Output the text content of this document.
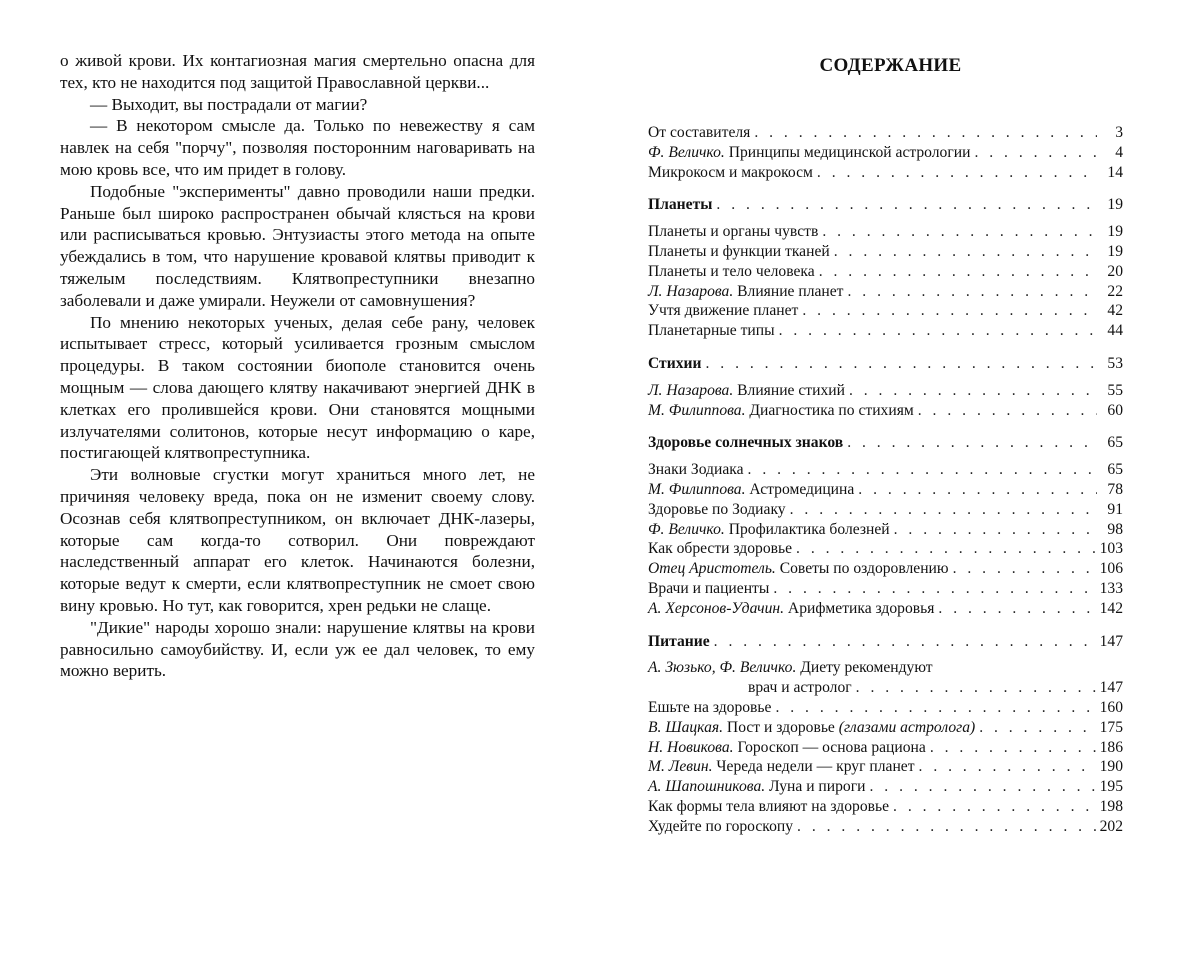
о живой крови. Их контагиозная магия смертельно опасна для тех, кто не находится под защитой Православной церкви...

— Выходит, вы пострадали от магии?

— В некотором смысле да. Только по невежеству я сам навлек на себя "порчу", позволяя посторонним наговаривать на мою кровь все, что им придет в голову.

Подобные "эксперименты" давно проводили наши предки. Раньше был широко распространен обычай клясться на крови или расписываться кровью. Энтузиасты этого метода на опыте убеждались в том, что нарушение кровавой клятвы приводит к тяжелым последствиям. Клятвопреступники внезапно заболевали и даже умирали. Неужели от самовнушения?

По мнению некоторых ученых, делая себе рану, человек испытывает стресс, который усиливается грозным смыслом процедуры. В таком состоянии биополе становится очень мощным — слова дающего клятву накачивают энергией ДНК в клетках его пролившейся крови. Они становятся мощными излучателями солитонов, которые несут информацию о каре, постигающей клятвопреступника.

Эти волновые сгустки могут храниться много лет, не причиняя человеку вреда, пока он не изменит своему слову. Осознав себя клятвопреступником, он включает ДНК-лазеры, которые сам когда-то сотворил. Они повреждают наследственный аппарат его клеток. Начинаются болезни, которые ведут к смерти, если клятвопреступник не смоет свою вину кровью. Но тут, как говорится, хрен редьки не слаще.

"Дикие" народы хорошо знали: нарушение клятвы на крови равносильно самоубийству. И, если уж ее дал человек, то ему можно верить.

СОДЕРЖАНИЕ
От составителя . . .	3
Ф. Величко. Принципы медицинской астрологии . . .	4
Микрокосм и макрокосм . . .	14
Планеты . . .	19
Планеты и органы чувств . . .	19
Планеты и функции тканей . . .	19
Планеты и тело человека . . .	20
Л. Назарова. Влияние планет . . .	22
Учтя движение планет . . .	42
Планетарные типы . . .	44
Стихии . . .	53
Л. Назарова. Влияние стихий . . .	55
М. Филиппова. Диагностика по стихиям . . .	60
Здоровье солнечных знаков . . .	65
Знаки Зодиака . . .	65
М. Филиппова. Астромедицина . . .	78
Здоровье по Зодиаку . . .	91
Ф. Величко. Профилактика болезней . . .	98
Как обрести здоровье . . .	103
Отец Аристотель. Советы по оздоровлению . . .	106
Врачи и пациенты . . .	133
А. Херсонов-Удачин. Арифметика здоровья . . .	142
Питание . . .	147
А. Зюзько, Ф. Величко. Диету рекомендуют
врач и астролог . . .	147
Ешьте на здоровье . . .	160
В. Шацкая. Пост и здоровье (глазами астролога) . . .	175
Н. Новикова. Гороскоп — основа рациона . . .	186
М. Левин. Череда недели — круг планет . . .	190
А. Шапошникова. Луна и пироги . . .	195
Как формы тела влияют на здоровье . . .	198
Худейте по гороскопу . . .	202
